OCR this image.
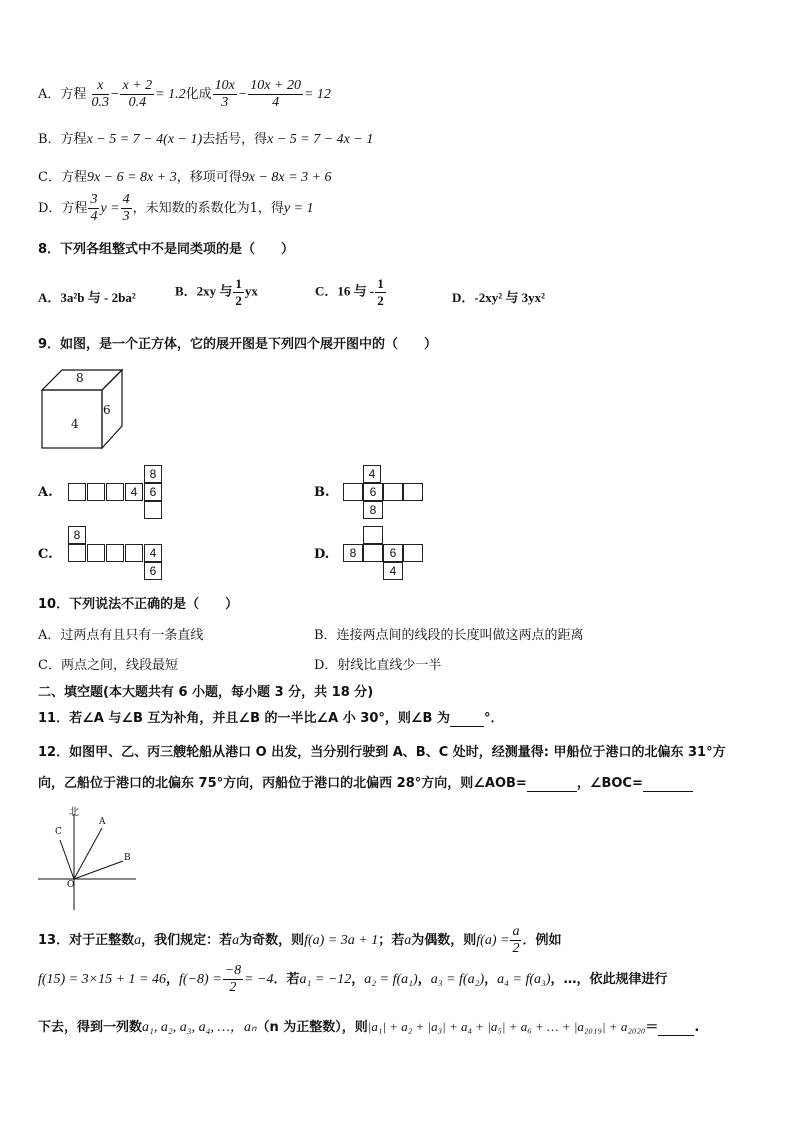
A．方程 $\frac{x}{0.3} - \frac{x + 2}{0.4} = 1.2$化成 $\frac{10x}{3} - \frac{10x + 20}{4} = 12$
B．方程x − 5 = 7 − 4(x − 1)去括号，得x − 5 = 7 − 4x − 1
C．方程9x − 6 = 8x + 3，移项可得9x − 8x = 3 + 6
D．方程 $\frac{3}{4}$ $y = \frac{4}{3}$ ，未知数的系数化为1，得y = 1
8．下列各组整式中不是同类项的是（　　）
A．3a²b 与 - 2ba²	B．2xy 与 $\frac{1}{2}$ yx	C．16 与 - $\frac{1}{2}$	D．-2xy² 与 3yx²
9．如图，是一个正方体，它的展开图是下列四个展开图中的（　　）
8
4
6
A.	4
8
6	B.
4
6
8
C.
8
4
6
D.	8	6
4
10．下列说法不正确的是（　　）
A．过两点有且只有一条直线	B．连接两点间的线段的长度叫做这两点的距离
C．两点之间，线段最短	D．射线比直线少一半
二、填空题(本大题共有 6 小题，每小题 3 分，共 18 分)
11．若∠A 与∠B 互为补角，并且∠B 的一半比∠A 小 30°，则∠B 为	°．
12．如图甲、乙、丙三艘轮船从港口 O 出发，当分别行驶到 A、B、C 处时，经测量得: 甲船位于港口的北偏东 31°方
向，乙船位于港口的北偏东 75°方向，丙船位于港口的北偏西 28°方向，则∠AOB=	，∠BOC=
北
A
B
C
O
13．对于正整数a，我们规定：若a为奇数，则f(a) = 3a + 1；若a为偶数，则$f(a) = \frac{a}{2}$ ．例如
f(15) = 3×15 + 1 = 46，$f(-8) = \frac{-8}{2} = -4$．若a₁ = −12，a₂ = f(a₁)，a₃ = f(a₂)，a₄ = f(a₃)，…，依此规律进行
下去，得到一列数a₁, a₂, a₃, a₄, …，aₙ（n 为正整数），则|a₁| + a₂ + |a₃| + a₄ + |a₅| + a₆ + … + |a₂₀₁₉| + a₂₀₂₀＝	.
